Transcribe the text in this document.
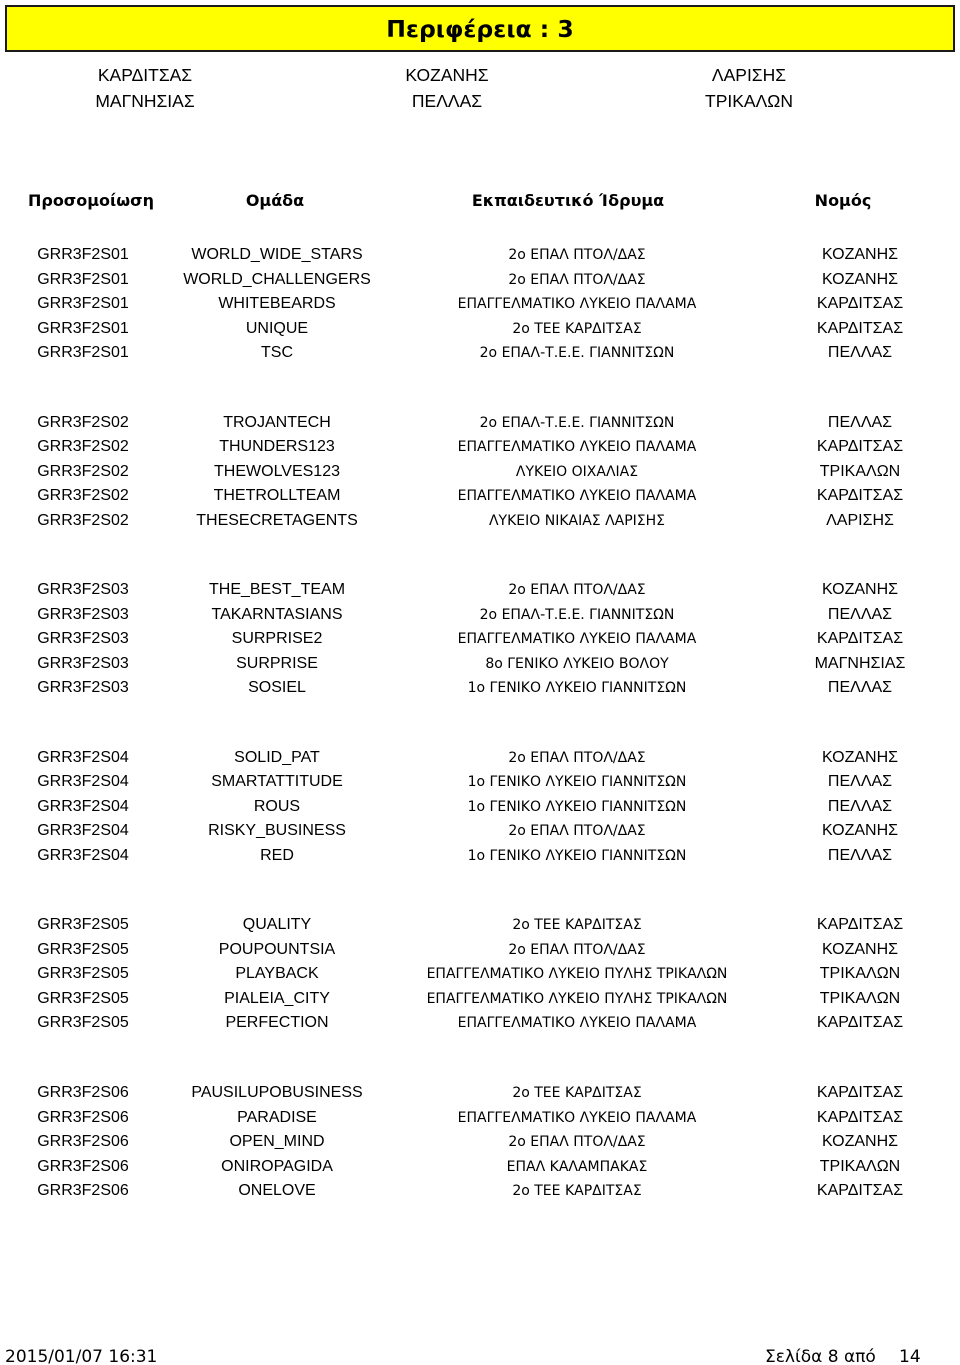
Περιφέρεια : 3
ΚΑΡΔΙΤΣΑΣ	ΚΟΖΑΝΗΣ	ΛΑΡΙΣΗΣ
ΜΑΓΝΗΣΙΑΣ	ΠΕΛΛΑΣ	ΤΡΙΚΑΛΩΝ
Προσομοίωση	Ομάδα	Εκπαιδευτικό Ίδρυμα	Νομός
GRR3F2S01	WORLD_WIDE_STARS	2ο ΕΠΑΛ ΠΤΟΛ/ΔΑΣ	ΚΟΖΑΝΗΣ
GRR3F2S01	WORLD_CHALLENGERS	2ο ΕΠΑΛ ΠΤΟΛ/ΔΑΣ	ΚΟΖΑΝΗΣ
GRR3F2S01	WHITEBEARDS	ΕΠΑΓΓΕΛΜΑΤΙΚΟ ΛΥΚΕΙΟ ΠΑΛΑΜΑ	ΚΑΡΔΙΤΣΑΣ
GRR3F2S01	UNIQUE	2ο ΤΕΕ ΚΑΡΔΙΤΣΑΣ	ΚΑΡΔΙΤΣΑΣ
GRR3F2S01	TSC	2ο ΕΠΑΛ-Τ.Ε.Ε. ΓΙΑΝΝΙΤΣΩΝ	ΠΕΛΛΑΣ
GRR3F2S02	TROJANTECH	2ο ΕΠΑΛ-Τ.Ε.Ε. ΓΙΑΝΝΙΤΣΩΝ	ΠΕΛΛΑΣ
GRR3F2S02	THUNDERS123	ΕΠΑΓΓΕΛΜΑΤΙΚΟ ΛΥΚΕΙΟ ΠΑΛΑΜΑ	ΚΑΡΔΙΤΣΑΣ
GRR3F2S02	THEWOLVES123	ΛΥΚΕΙΟ ΟΙΧΑΛΙΑΣ	ΤΡΙΚΑΛΩΝ
GRR3F2S02	THETROLLTEAM	ΕΠΑΓΓΕΛΜΑΤΙΚΟ ΛΥΚΕΙΟ ΠΑΛΑΜΑ	ΚΑΡΔΙΤΣΑΣ
GRR3F2S02	THESECRETAGENTS	ΛΥΚΕΙΟ ΝΙΚΑΙΑΣ ΛΑΡΙΣΗΣ	ΛΑΡΙΣΗΣ
GRR3F2S03	THE_BEST_TEAM	2ο ΕΠΑΛ ΠΤΟΛ/ΔΑΣ	ΚΟΖΑΝΗΣ
GRR3F2S03	TAKARNTASIANS	2ο ΕΠΑΛ-Τ.Ε.Ε. ΓΙΑΝΝΙΤΣΩΝ	ΠΕΛΛΑΣ
GRR3F2S03	SURPRISE2	ΕΠΑΓΓΕΛΜΑΤΙΚΟ ΛΥΚΕΙΟ ΠΑΛΑΜΑ	ΚΑΡΔΙΤΣΑΣ
GRR3F2S03	SURPRISE	8ο ΓΕΝΙΚΟ ΛΥΚΕΙΟ ΒΟΛΟΥ	ΜΑΓΝΗΣΙΑΣ
GRR3F2S03	SOSIEL	1ο ΓΕΝΙΚΟ ΛΥΚΕΙΟ ΓΙΑΝΝΙΤΣΩΝ	ΠΕΛΛΑΣ
GRR3F2S04	SOLID_PAT	2ο ΕΠΑΛ ΠΤΟΛ/ΔΑΣ	ΚΟΖΑΝΗΣ
GRR3F2S04	SMARTATTITUDE	1ο ΓΕΝΙΚΟ ΛΥΚΕΙΟ ΓΙΑΝΝΙΤΣΩΝ	ΠΕΛΛΑΣ
GRR3F2S04	ROUS	1ο ΓΕΝΙΚΟ ΛΥΚΕΙΟ ΓΙΑΝΝΙΤΣΩΝ	ΠΕΛΛΑΣ
GRR3F2S04	RISKY_BUSINESS	2ο ΕΠΑΛ ΠΤΟΛ/ΔΑΣ	ΚΟΖΑΝΗΣ
GRR3F2S04	RED	1ο ΓΕΝΙΚΟ ΛΥΚΕΙΟ ΓΙΑΝΝΙΤΣΩΝ	ΠΕΛΛΑΣ
GRR3F2S05	QUALITY	2ο ΤΕΕ ΚΑΡΔΙΤΣΑΣ	ΚΑΡΔΙΤΣΑΣ
GRR3F2S05	POUPOUNTSIA	2ο ΕΠΑΛ ΠΤΟΛ/ΔΑΣ	ΚΟΖΑΝΗΣ
GRR3F2S05	PLAYBACK	ΕΠΑΓΓΕΛΜΑΤΙΚΟ ΛΥΚΕΙΟ ΠΥΛΗΣ ΤΡΙΚΑΛΩΝ	ΤΡΙΚΑΛΩΝ
GRR3F2S05	PIALEIA_CITY	ΕΠΑΓΓΕΛΜΑΤΙΚΟ ΛΥΚΕΙΟ ΠΥΛΗΣ ΤΡΙΚΑΛΩΝ	ΤΡΙΚΑΛΩΝ
GRR3F2S05	PERFECTION	ΕΠΑΓΓΕΛΜΑΤΙΚΟ ΛΥΚΕΙΟ ΠΑΛΑΜΑ	ΚΑΡΔΙΤΣΑΣ
GRR3F2S06	PAUSILUPOBUSINESS	2ο ΤΕΕ ΚΑΡΔΙΤΣΑΣ	ΚΑΡΔΙΤΣΑΣ
GRR3F2S06	PARADISE	ΕΠΑΓΓΕΛΜΑΤΙΚΟ ΛΥΚΕΙΟ ΠΑΛΑΜΑ	ΚΑΡΔΙΤΣΑΣ
GRR3F2S06	OPEN_MIND	2ο ΕΠΑΛ ΠΤΟΛ/ΔΑΣ	ΚΟΖΑΝΗΣ
GRR3F2S06	ONIROPAGIDA	ΕΠΑΛ ΚΑΛΑΜΠΑΚΑΣ	ΤΡΙΚΑΛΩΝ
GRR3F2S06	ONELOVE	2ο ΤΕΕ ΚΑΡΔΙΤΣΑΣ	ΚΑΡΔΙΤΣΑΣ
2015/01/07 16:31	Σελίδα 8 από 14
